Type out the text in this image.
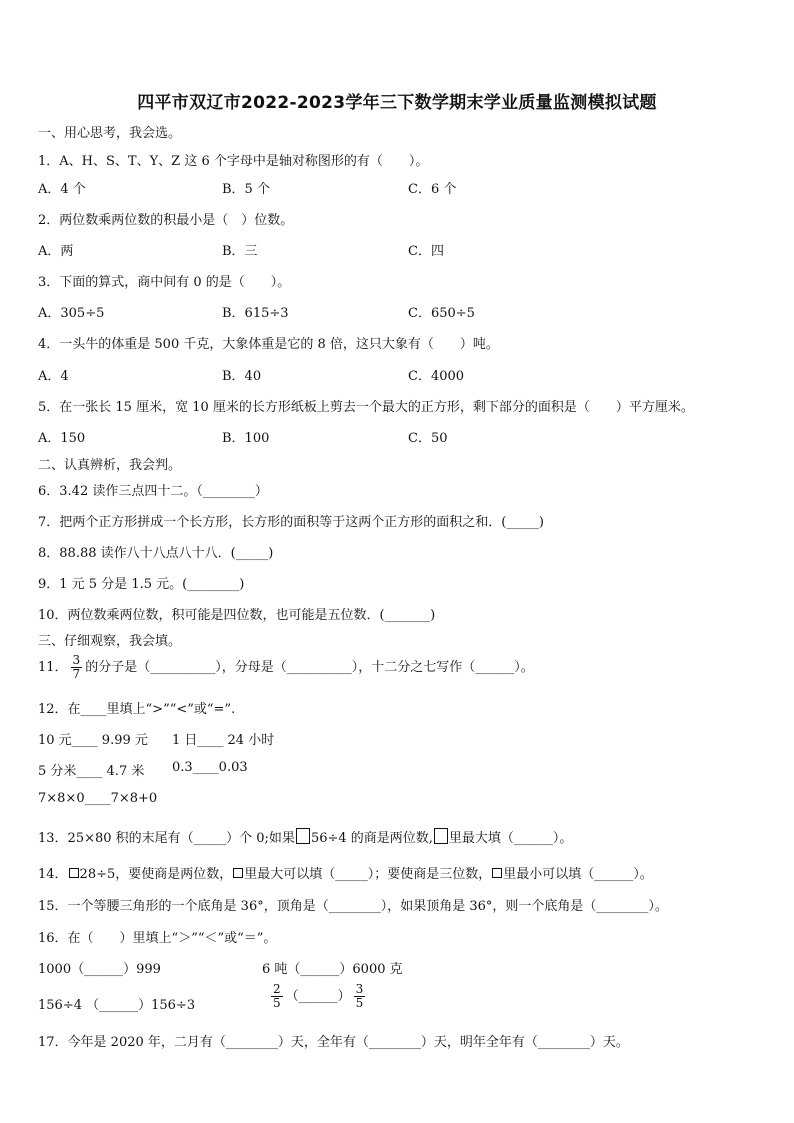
四平市双辽市2022-2023学年三下数学期末学业质量监测模拟试题
一、用心思考，我会选。
1．A、H、S、T、Y、Z 这 6 个字母中是轴对称图形的有（　　）。
A．4 个	B．5 个	C．6 个
2．两位数乘两位数的积最小是（　）位数。
A．两	B．三	C．四
3．下面的算式，商中间有 0 的是（　　）。
A．305÷5	B．615÷3	C．650÷5
4．一头牛的体重是 500 千克，大象体重是它的 8 倍，这只大象有（　　）吨。
A．4	B．40	C．4000
5．在一张长 15 厘米，宽 10 厘米的长方形纸板上剪去一个最大的正方形，剩下部分的面积是（　　）平方厘米。
A．150	B．100	C．50
二、认真辨析，我会判。
6．3.42 读作三点四十二。（________）
7．把两个正方形拼成一个长方形，长方形的面积等于这两个正方形的面积之和．(_____)
8．88.88 读作八十八点八十八．(_____)
9．1 元 5 分是 1.5 元。(________)
10．两位数乘两位数，积可能是四位数，也可能是五位数．(_______)
三、仔细观察，我会填。
11． $\frac{3}{7}$ 的分子是（__________），分母是（__________），十二分之七写作（______）。
12．在____里填上“>”“<”或“=”.
10 元____ 9.99 元 1 日____ 24 小时
5 分米____ 4.7 米 0.3____0.03
7×8×0____7×8+0
13．25×80 积的末尾有（_____）个 0;如果 56÷4 的商是两位数, 里最大填（______）。
14． 28÷5，要使商是两位数， 里最大可以填（_____）；要使商是三位数， 里最小可以填（______）。
15．一个等腰三角形的一个底角是 36°，顶角是（________），如果顶角是 36°，则一个底角是（________）。
16．在（　　）里填上“＞”“＜”或“＝”。
1000（______）999	6 吨（______）6000 克
156÷4 （______）156÷3	$\frac{2}{5}$ （______） $\frac{3}{5}$
17．今年是 2020 年，二月有（________）天，全年有（________）天，明年全年有（________）天。
